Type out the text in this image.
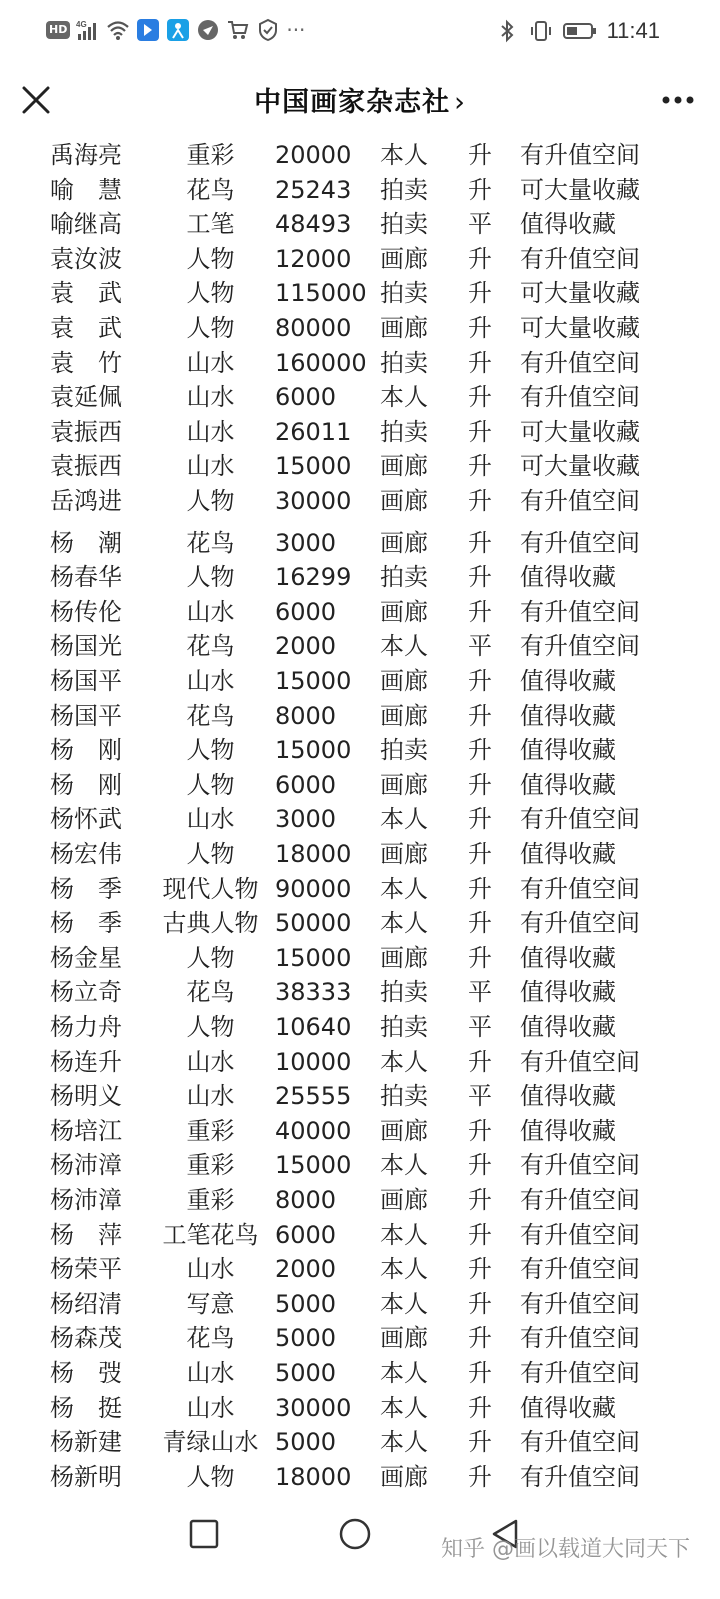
HD	4G	···	11:41
中国画家杂志社 ›
禹海亮	重彩	20000	本人	升 有升值空间
喻　慧	花鸟	25243	拍卖	升 可大量收藏
喻继高	工笔	48493	拍卖	平 值得收藏
袁汝波	人物	12000	画廊	升 有升值空间
袁　武	人物	115000 拍卖	升 可大量收藏
袁　武	人物	80000	画廊	升 可大量收藏
袁　竹	山水	160000 拍卖	升 有升值空间
袁延佩	山水	6000	本人	升 有升值空间
袁振西	山水	26011	拍卖	升 可大量收藏
袁振西	山水	15000	画廊	升 可大量收藏
岳鸿进	人物	30000	画廊	升 有升值空间
杨　潮	花鸟	3000	画廊	升 有升值空间
杨春华	人物	16299	拍卖	升 值得收藏
杨传伦	山水	6000	画廊	升 有升值空间
杨国光	花鸟	2000	本人	平 有升值空间
杨国平	山水	15000	画廊	升 值得收藏
杨国平	花鸟	8000	画廊	升 值得收藏
杨　刚	人物	15000	拍卖	升 值得收藏
杨　刚	人物	6000	画廊	升 值得收藏
杨怀武	山水	3000	本人	升 有升值空间
杨宏伟	人物	18000	画廊	升 值得收藏
杨　季	现代人物 90000	本人	升 有升值空间
杨　季	古典人物 50000	本人	升 有升值空间
杨金星	人物	15000	画廊	升 值得收藏
杨立奇	花鸟	38333	拍卖	平 值得收藏
杨力舟	人物	10640	拍卖	平 值得收藏
杨连升	山水	10000	本人	升 有升值空间
杨明义	山水	25555	拍卖	平 值得收藏
杨培江	重彩	40000	画廊	升 值得收藏
杨沛漳	重彩	15000	本人	升 有升值空间
杨沛漳	重彩	8000	画廊	升 有升值空间
杨　萍	工笔花鸟 6000	本人	升 有升值空间
杨荣平	山水	2000	本人	升 有升值空间
杨绍清	写意	5000	本人	升 有升值空间
杨森茂	花鸟	5000	画廊	升 有升值空间
杨　弢	山水	5000	本人	升 有升值空间
杨　挺	山水	30000	本人	升 值得收藏
杨新建	青绿山水 5000	本人	升 有升值空间
杨新明	人物	18000	画廊	升 有升值空间
知乎 @画以载道大同天下
